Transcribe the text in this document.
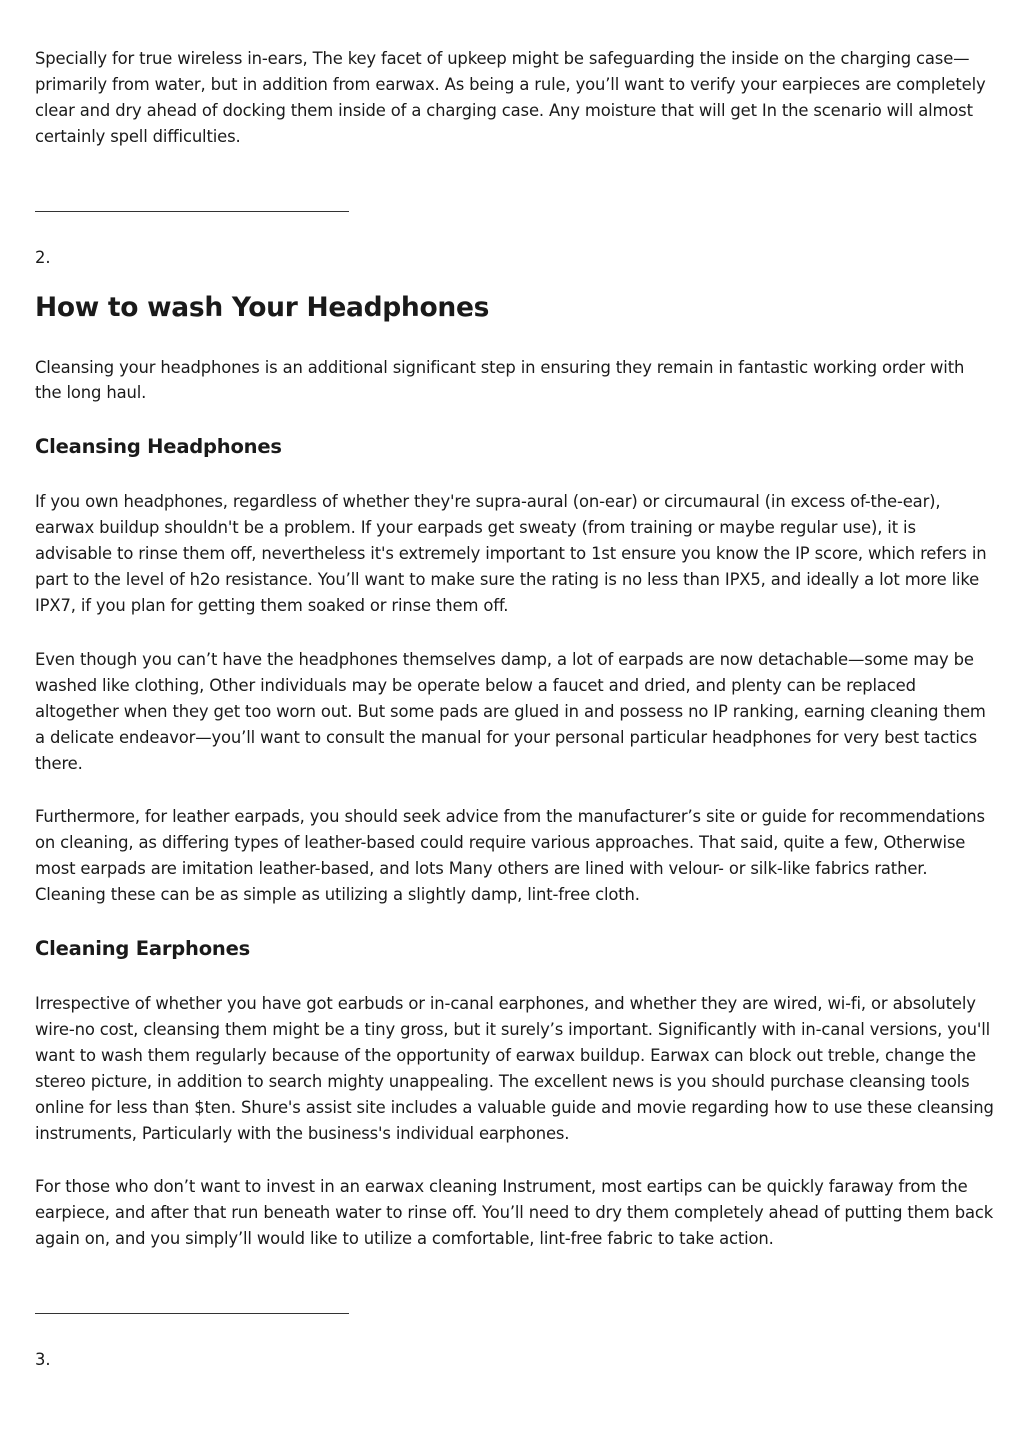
Specially for true wireless in-ears, The key facet of upkeep might be safeguarding the inside on the charging case—primarily from water, but in addition from earwax. As being a rule, you’ll want to verify your earpieces are completely clear and dry ahead of docking them inside of a charging case. Any moisture that will get In the scenario will almost certainly spell difficulties.

2.
How to wash Your Headphones

Cleansing your headphones is an additional significant step in ensuring they remain in fantastic working order with the long haul.

Cleansing Headphones

If you own headphones, regardless of whether they're supra-aural (on-ear) or circumaural (in excess of-the-ear), earwax buildup shouldn't be a problem. If your earpads get sweaty (from training or maybe regular use), it is advisable to rinse them off, nevertheless it's extremely important to 1st ensure you know the IP score, which refers in part to the level of h2o resistance. You’ll want to make sure the rating is no less than IPX5, and ideally a lot more like IPX7, if you plan for getting them soaked or rinse them off.

Even though you can’t have the headphones themselves damp, a lot of earpads are now detachable—some may be washed like clothing, Other individuals may be operate below a faucet and dried, and plenty can be replaced altogether when they get too worn out. But some pads are glued in and possess no IP ranking, earning cleaning them a delicate endeavor—you’ll want to consult the manual for your personal particular headphones for very best tactics there.

Furthermore, for leather earpads, you should seek advice from the manufacturer’s site or guide for recommendations on cleaning, as differing types of leather-based could require various approaches. That said, quite a few, Otherwise most earpads are imitation leather-based, and lots Many others are lined with velour- or silk-like fabrics rather. Cleaning these can be as simple as utilizing a slightly damp, lint-free cloth.

Cleaning Earphones

Irrespective of whether you have got earbuds or in-canal earphones, and whether they are wired, wi-fi, or absolutely wire-no cost, cleansing them might be a tiny gross, but it surely’s important. Significantly with in-canal versions, you'll want to wash them regularly because of the opportunity of earwax buildup. Earwax can block out treble, change the stereo picture, in addition to search mighty unappealing. The excellent news is you should purchase cleansing tools online for less than $ten. Shure's assist site includes a valuable guide and movie regarding how to use these cleansing instruments, Particularly with the business's individual earphones.

For those who don’t want to invest in an earwax cleaning Instrument, most eartips can be quickly faraway from the earpiece, and after that run beneath water to rinse off. You’ll need to dry them completely ahead of putting them back again on, and you simply’ll would like to utilize a comfortable, lint-free fabric to take action.

3.
